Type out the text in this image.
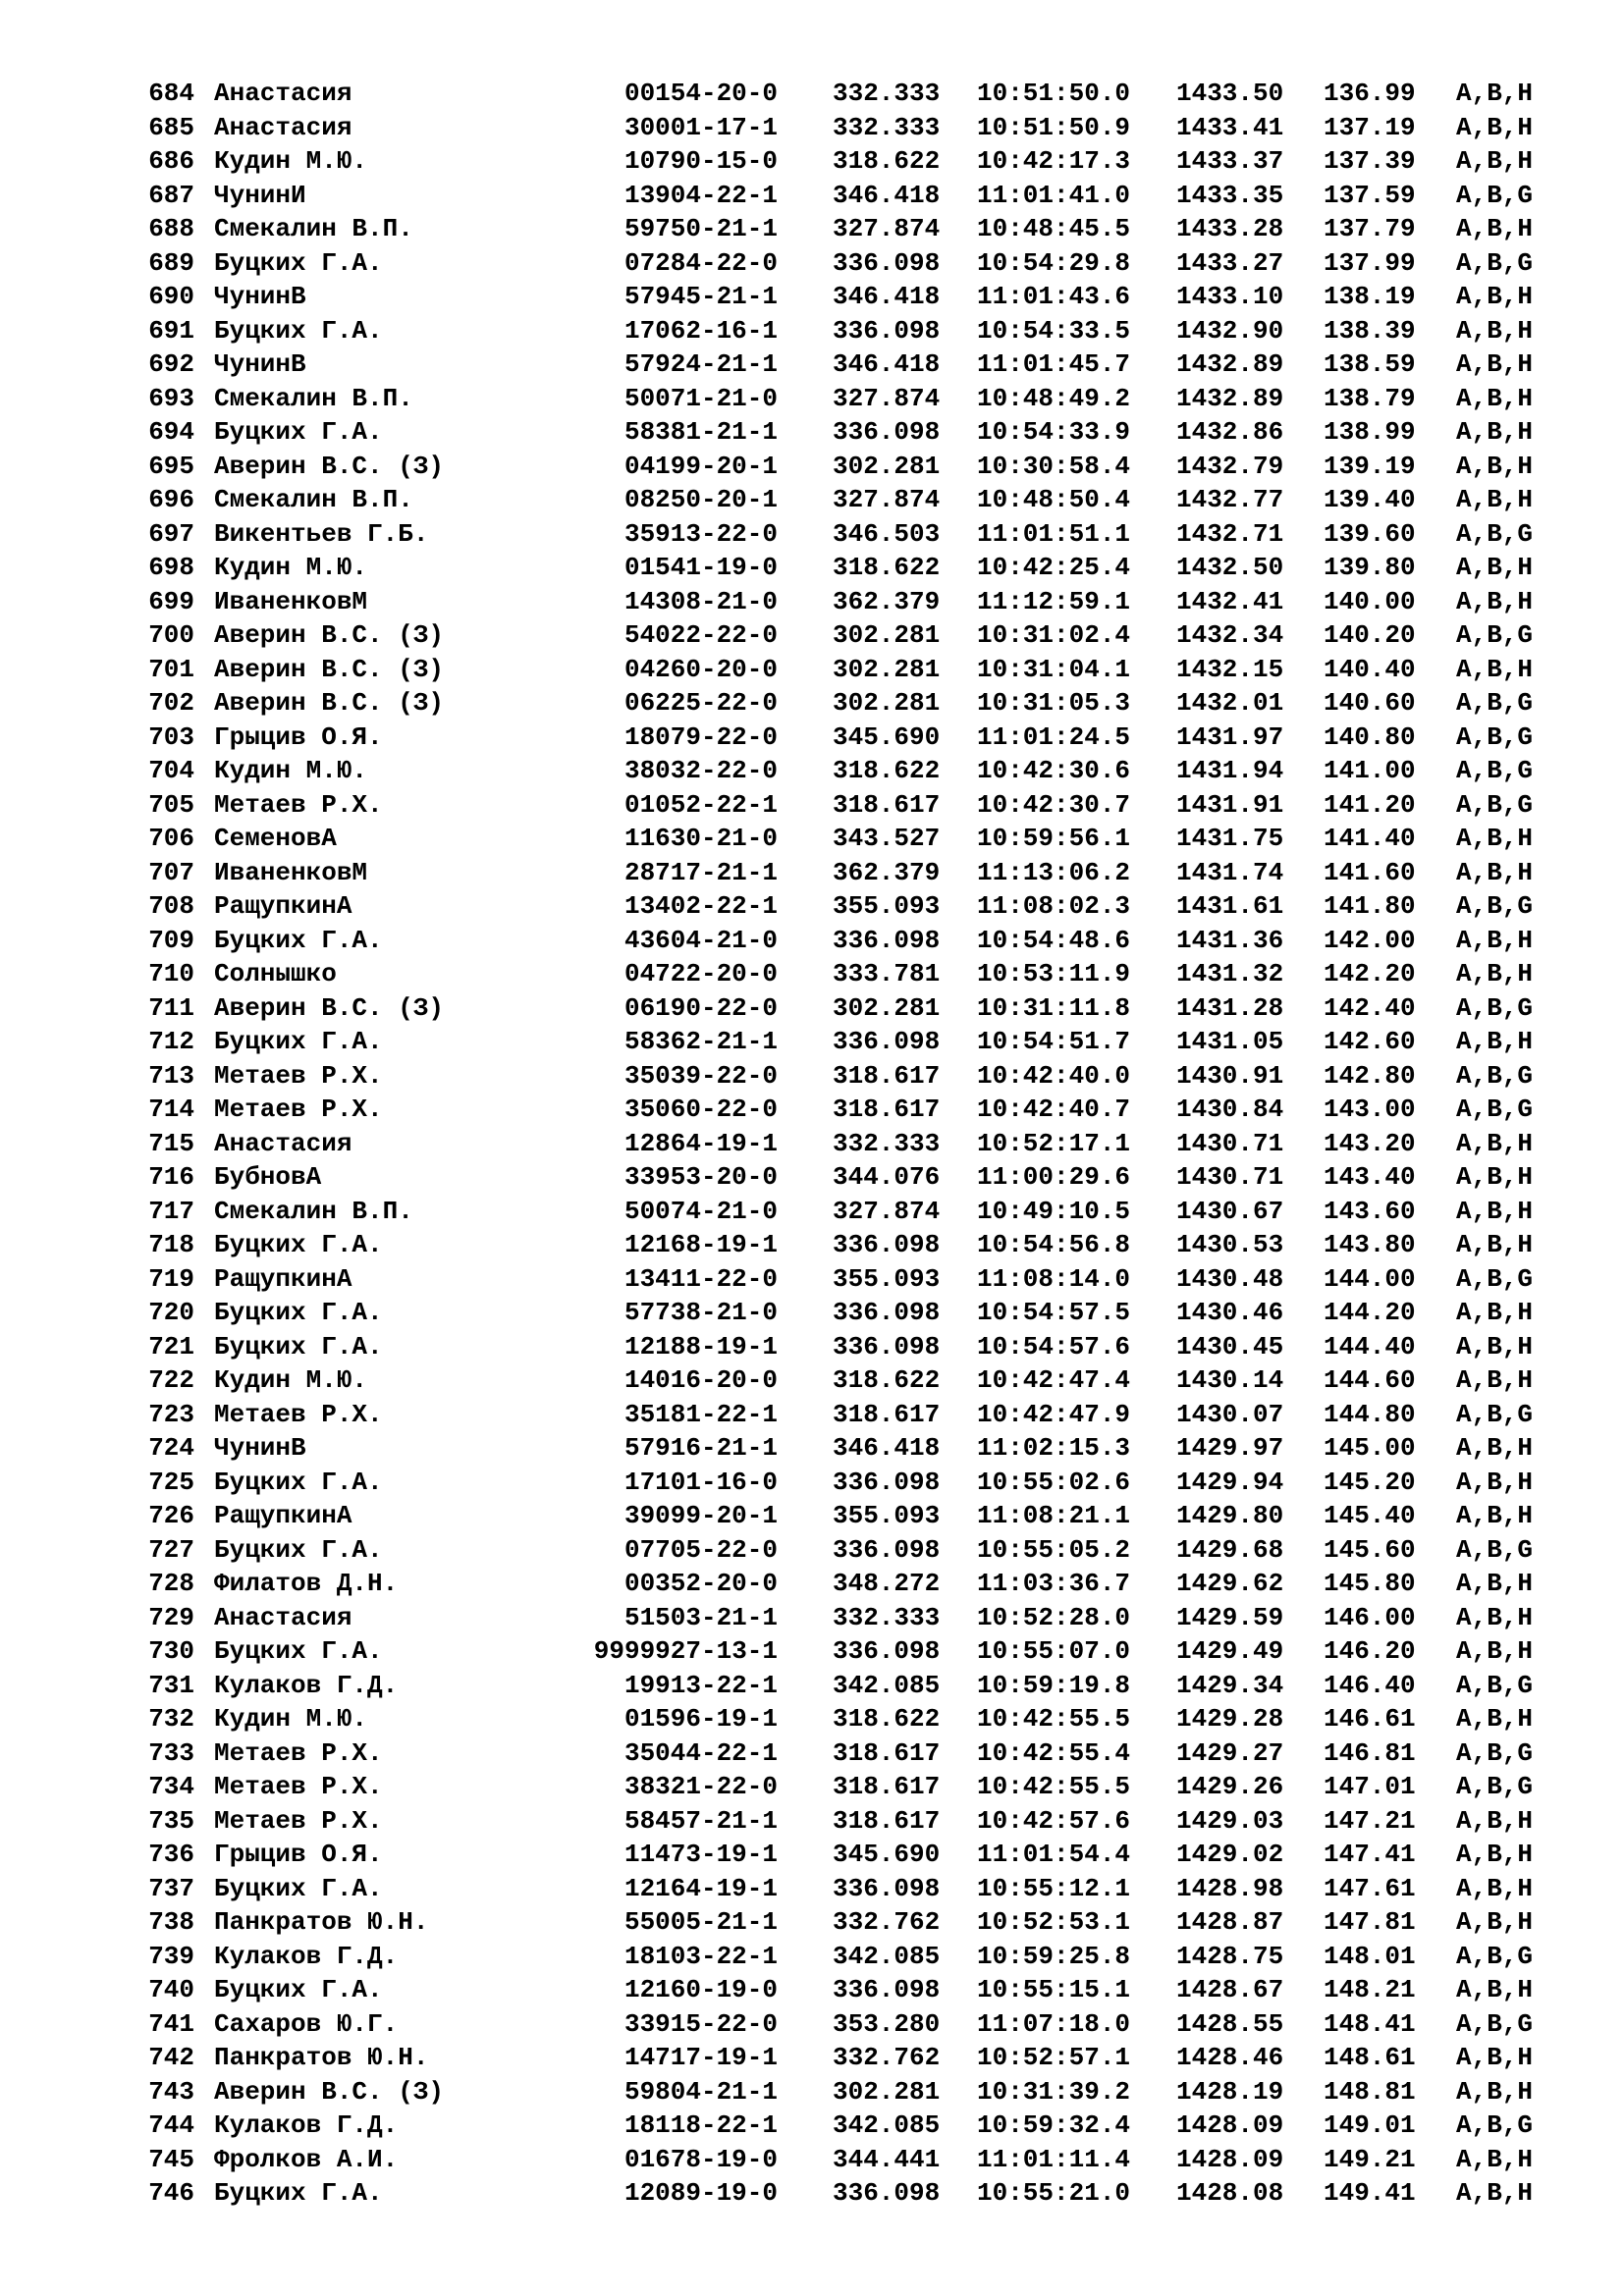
684 Анастасия	00154-20-0 332.333 10:51:50.0 1433.50 136.99 A,B,H
685 Анастасия	30001-17-1 332.333 10:51:50.9 1433.41 137.19 A,B,H
686 Кудин М.Ю.	10790-15-0 318.622 10:42:17.3 1433.37 137.39 A,B,H
687 ЧунинИ	13904-22-1 346.418 11:01:41.0 1433.35 137.59 A,B,G
688 Смекалин В.П.	59750-21-1 327.874 10:48:45.5 1433.28 137.79 A,B,H
689 Буцких Г.А.	07284-22-0 336.098 10:54:29.8 1433.27 137.99 A,B,G
690 ЧунинВ	57945-21-1 346.418 11:01:43.6 1433.10 138.19 A,B,H
691 Буцких Г.А.	17062-16-1 336.098 10:54:33.5 1432.90 138.39 A,B,H
692 ЧунинВ	57924-21-1 346.418 11:01:45.7 1432.89 138.59 A,B,H
693 Смекалин В.П.	50071-21-0 327.874 10:48:49.2 1432.89 138.79 A,B,H
694 Буцких Г.А.	58381-21-1 336.098 10:54:33.9 1432.86 138.99 A,B,H
695 Аверин В.С. (З)	04199-20-1 302.281 10:30:58.4 1432.79 139.19 A,B,H
696 Смекалин В.П.	08250-20-1 327.874 10:48:50.4 1432.77 139.40 A,B,H
697 Викентьев Г.Б.	35913-22-0 346.503 11:01:51.1 1432.71 139.60 A,B,G
698 Кудин М.Ю.	01541-19-0 318.622 10:42:25.4 1432.50 139.80 A,B,H
699 ИваненковМ	14308-21-0 362.379 11:12:59.1 1432.41 140.00 A,B,H
700 Аверин В.С. (З)	54022-22-0 302.281 10:31:02.4 1432.34 140.20 A,B,G
701 Аверин В.С. (З)	04260-20-0 302.281 10:31:04.1 1432.15 140.40 A,B,H
702 Аверин В.С. (З)	06225-22-0 302.281 10:31:05.3 1432.01 140.60 A,B,G
703 Грыцив О.Я.	18079-22-0 345.690 11:01:24.5 1431.97 140.80 A,B,G
704 Кудин М.Ю.	38032-22-0 318.622 10:42:30.6 1431.94 141.00 A,B,G
705 Метаев Р.Х.	01052-22-1 318.617 10:42:30.7 1431.91 141.20 A,B,G
706 СеменовА	11630-21-0 343.527 10:59:56.1 1431.75 141.40 A,B,H
707 ИваненковМ	28717-21-1 362.379 11:13:06.2 1431.74 141.60 A,B,H
708 РащупкинА	13402-22-1 355.093 11:08:02.3 1431.61 141.80 A,B,G
709 Буцких Г.А.	43604-21-0 336.098 10:54:48.6 1431.36 142.00 A,B,H
710 Солнышко	04722-20-0 333.781 10:53:11.9 1431.32 142.20 A,B,H
711 Аверин В.С. (З)	06190-22-0 302.281 10:31:11.8 1431.28 142.40 A,B,G
712 Буцких Г.А.	58362-21-1 336.098 10:54:51.7 1431.05 142.60 A,B,H
713 Метаев Р.Х.	35039-22-0 318.617 10:42:40.0 1430.91 142.80 A,B,G
714 Метаев Р.Х.	35060-22-0 318.617 10:42:40.7 1430.84 143.00 A,B,G
715 Анастасия	12864-19-1 332.333 10:52:17.1 1430.71 143.20 A,B,H
716 БубновА	33953-20-0 344.076 11:00:29.6 1430.71 143.40 A,B,H
717 Смекалин В.П.	50074-21-0 327.874 10:49:10.5 1430.67 143.60 A,B,H
718 Буцких Г.А.	12168-19-1 336.098 10:54:56.8 1430.53 143.80 A,B,H
719 РащупкинА	13411-22-0 355.093 11:08:14.0 1430.48 144.00 A,B,G
720 Буцких Г.А.	57738-21-0 336.098 10:54:57.5 1430.46 144.20 A,B,H
721 Буцких Г.А.	12188-19-1 336.098 10:54:57.6 1430.45 144.40 A,B,H
722 Кудин М.Ю.	14016-20-0 318.622 10:42:47.4 1430.14 144.60 A,B,H
723 Метаев Р.Х.	35181-22-1 318.617 10:42:47.9 1430.07 144.80 A,B,G
724 ЧунинВ	57916-21-1 346.418 11:02:15.3 1429.97 145.00 A,B,H
725 Буцких Г.А.	17101-16-0 336.098 10:55:02.6 1429.94 145.20 A,B,H
726 РащупкинА	39099-20-1 355.093 11:08:21.1 1429.80 145.40 A,B,H
727 Буцких Г.А.	07705-22-0 336.098 10:55:05.2 1429.68 145.60 A,B,G
728 Филатов Д.Н.	00352-20-0 348.272 11:03:36.7 1429.62 145.80 A,B,H
729 Анастасия	51503-21-1 332.333 10:52:28.0 1429.59 146.00 A,B,H
730 Буцких Г.А.	9999927-13-1 336.098 10:55:07.0 1429.49 146.20 A,B,H
731 Кулаков Г.Д.	19913-22-1 342.085 10:59:19.8 1429.34 146.40 A,B,G
732 Кудин М.Ю.	01596-19-1 318.622 10:42:55.5 1429.28 146.61 A,B,H
733 Метаев Р.Х.	35044-22-1 318.617 10:42:55.4 1429.27 146.81 A,B,G
734 Метаев Р.Х.	38321-22-0 318.617 10:42:55.5 1429.26 147.01 A,B,G
735 Метаев Р.Х.	58457-21-1 318.617 10:42:57.6 1429.03 147.21 A,B,H
736 Грыцив О.Я.	11473-19-1 345.690 11:01:54.4 1429.02 147.41 A,B,H
737 Буцких Г.А.	12164-19-1 336.098 10:55:12.1 1428.98 147.61 A,B,H
738 Панкратов Ю.Н.	55005-21-1 332.762 10:52:53.1 1428.87 147.81 A,B,H
739 Кулаков Г.Д.	18103-22-1 342.085 10:59:25.8 1428.75 148.01 A,B,G
740 Буцких Г.А.	12160-19-0 336.098 10:55:15.1 1428.67 148.21 A,B,H
741 Сахаров Ю.Г.	33915-22-0 353.280 11:07:18.0 1428.55 148.41 A,B,G
742 Панкратов Ю.Н.	14717-19-1 332.762 10:52:57.1 1428.46 148.61 A,B,H
743 Аверин В.С. (З)	59804-21-1 302.281 10:31:39.2 1428.19 148.81 A,B,H
744 Кулаков Г.Д.	18118-22-1 342.085 10:59:32.4 1428.09 149.01 A,B,G
745 Фролков А.И.	01678-19-0 344.441 11:01:11.4 1428.09 149.21 A,B,H
746 Буцких Г.А.	12089-19-0 336.098 10:55:21.0 1428.08 149.41 A,B,H
